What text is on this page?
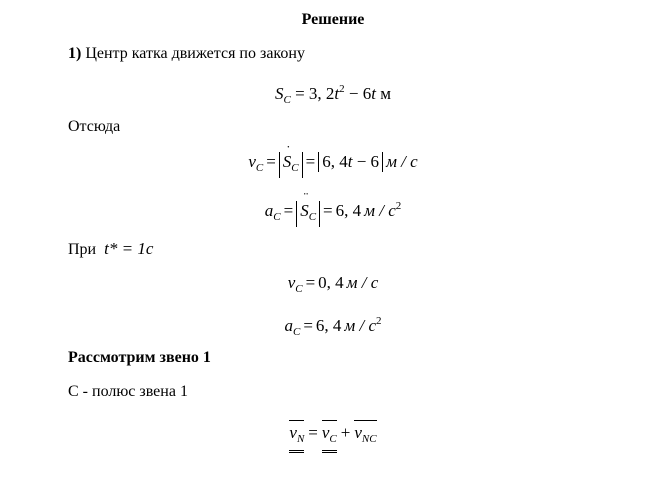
Решение
1) Центр катка движется по закону
$S_C = 3$, $2t^2 - 6t$ м
Отсюда
$v_C$ = ˙ $S_C = 6$, 4t − 6 м / с
$a_C$ = ¨ $S_C = 6$, 4 м / $с^2$
При t* = 1с
$v_C = 0$, 4 м / с
$a_C = 6$, 4 м / $с^2$
Рассмотрим звено 1
С - полюс звена 1
$v_N = v_C + v_{NC}$
